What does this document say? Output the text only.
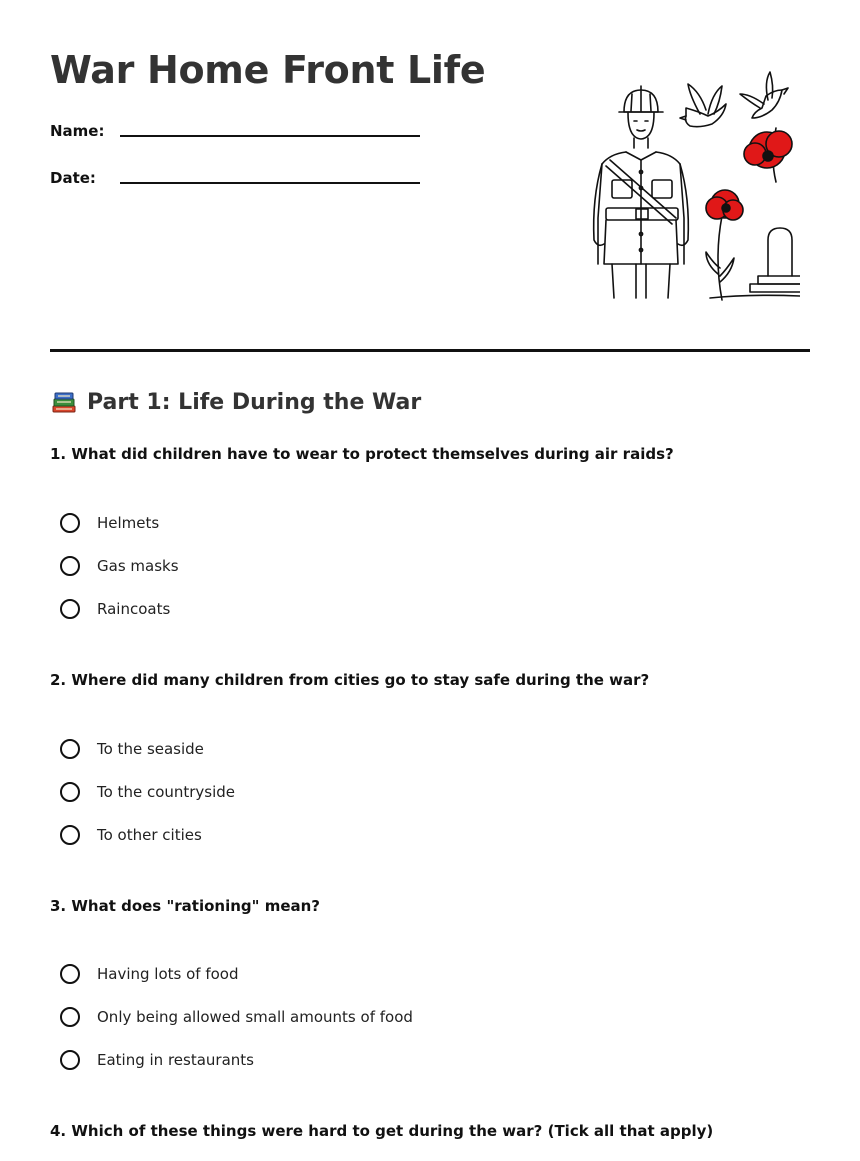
War Home Front Life
Name:
Date:
Part 1: Life During the War
1. What did children have to wear to protect themselves during air raids?
Helmets
Gas masks
Raincoats
2. Where did many children from cities go to stay safe during the war?
To the seaside
To the countryside
To other cities
3. What does "rationing" mean?
Having lots of food
Only being allowed small amounts of food
Eating in restaurants
4. Which of these things were hard to get during the war? (Tick all that apply)
